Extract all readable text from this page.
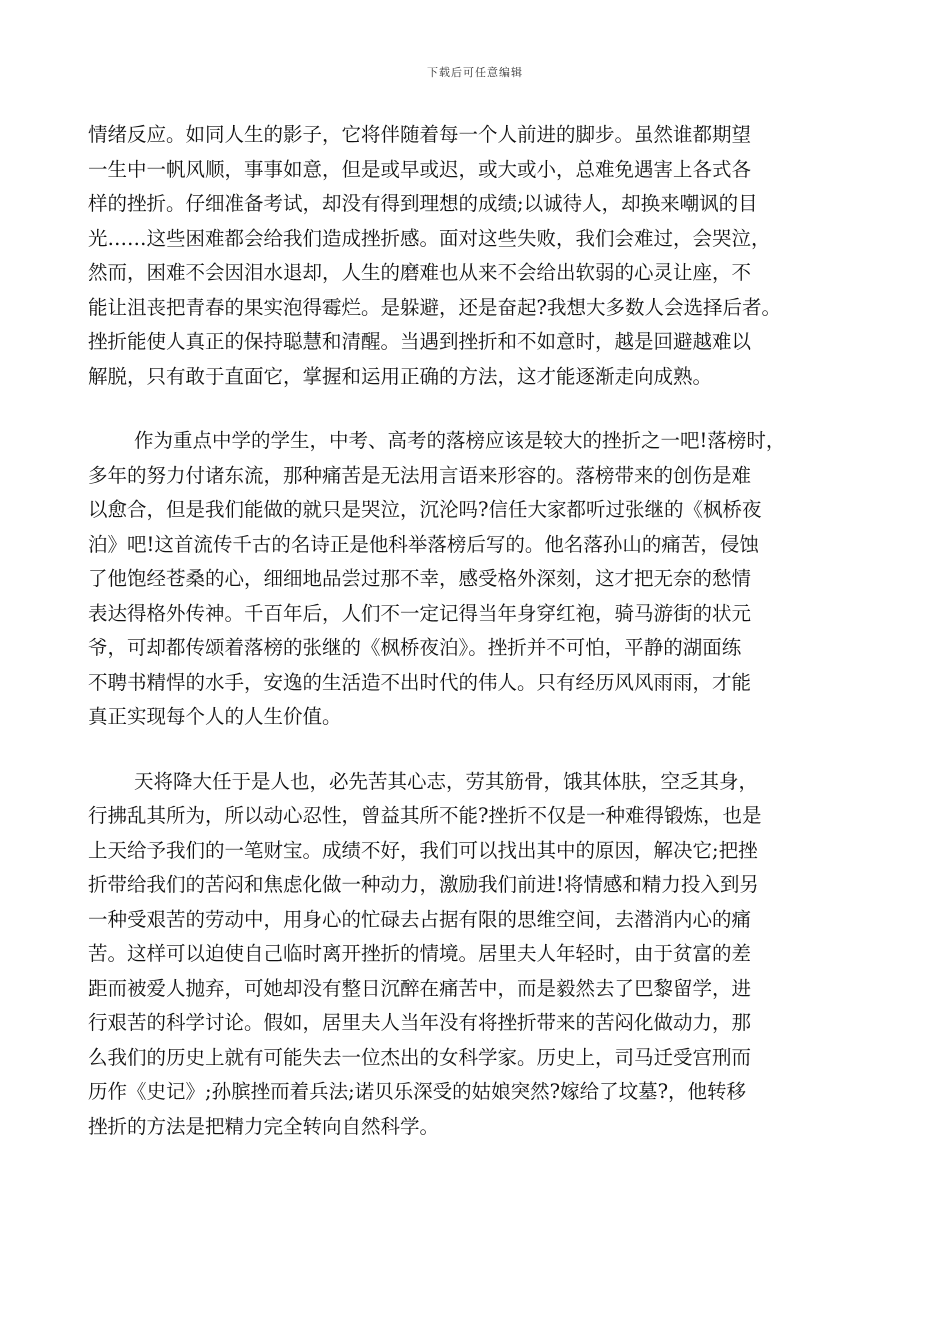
下载后可任意编辑
情绪反应。如同人生的影子，它将伴随着每一个人前进的脚步。虽然谁都期望
一生中一帆风顺，事事如意，但是或早或迟，或大或小，总难免遇害上各式各
样的挫折。仔细准备考试，却没有得到理想的成绩;以诚待人，却换来嘲讽的目
光……这些困难都会给我们造成挫折感。面对这些失败，我们会难过，会哭泣，
然而，困难不会因泪水退却，人生的磨难也从来不会给出软弱的心灵让座，不
能让沮丧把青春的果实泡得霉烂。是躲避，还是奋起?我想大多数人会选择后者。
挫折能使人真正的保持聪慧和清醒。当遇到挫折和不如意时，越是回避越难以
解脱，只有敢于直面它，掌握和运用正确的方法，这才能逐渐走向成熟。
作为重点中学的学生，中考、高考的落榜应该是较大的挫折之一吧!落榜时，
多年的努力付诸东流，那种痛苦是无法用言语来形容的。落榜带来的创伤是难
以愈合，但是我们能做的就只是哭泣，沉沦吗?信任大家都听过张继的《枫桥夜
泊》吧!这首流传千古的名诗正是他科举落榜后写的。他名落孙山的痛苦，侵蚀
了他饱经苍桑的心，细细地品尝过那不幸，感受格外深刻，这才把无奈的愁情
表达得格外传神。千百年后，人们不一定记得当年身穿红袍，骑马游街的状元
爷，可却都传颂着落榜的张继的《枫桥夜泊》。挫折并不可怕，平静的湖面练
不聘书精悍的水手，安逸的生活造不出时代的伟人。只有经历风风雨雨，才能
真正实现每个人的人生价值。
天将降大任于是人也，必先苦其心志，劳其筋骨，饿其体肤，空乏其身，
行拂乱其所为，所以动心忍性，曾益其所不能?挫折不仅是一种难得锻炼，也是
上天给予我们的一笔财宝。成绩不好，我们可以找出其中的原因，解决它;把挫
折带给我们的苦闷和焦虑化做一种动力，激励我们前进!将情感和精力投入到另
一种受艰苦的劳动中，用身心的忙碌去占据有限的思维空间，去潜消内心的痛
苦。这样可以迫使自己临时离开挫折的情境。居里夫人年轻时，由于贫富的差
距而被爱人抛弃，可她却没有整日沉醉在痛苦中，而是毅然去了巴黎留学，进
行艰苦的科学讨论。假如，居里夫人当年没有将挫折带来的苦闷化做动力，那
么我们的历史上就有可能失去一位杰出的女科学家。历史上，司马迁受宫刑而
历作《史记》;孙膑挫而着兵法;诺贝乐深受的姑娘突然?嫁给了坟墓?，他转移
挫折的方法是把精力完全转向自然科学。
